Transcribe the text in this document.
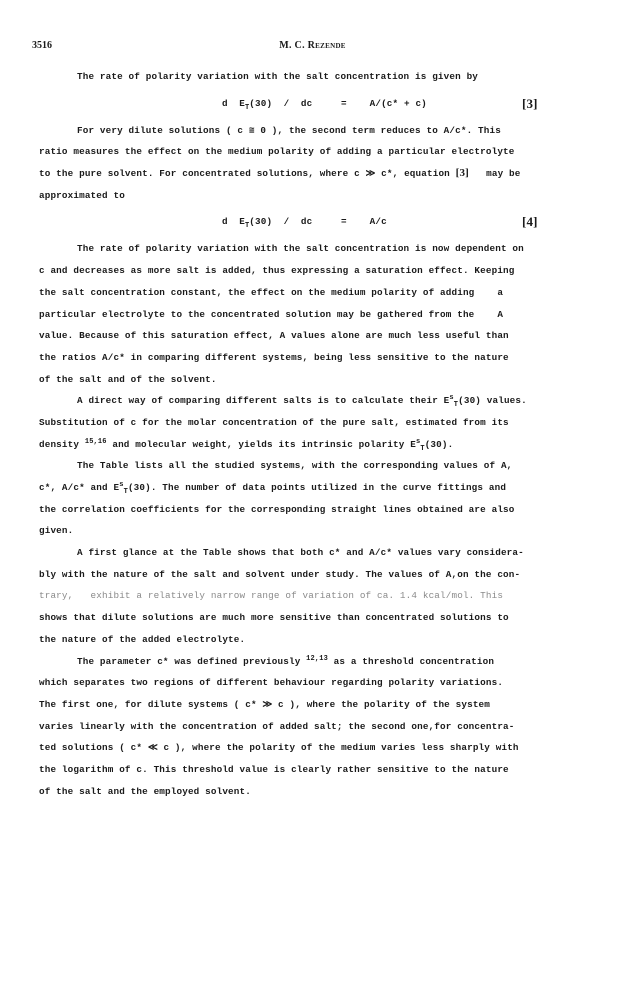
3516	M. C. Rezende
The rate of polarity variation with the salt concentration is given by

d $E_T(30)$  /  dc     =    A/(c* + c)

	[3]

For very dilute solutions ( c ≅ 0 ), the second term reduces to A/c*. This
ratio measures the effect on the medium polarity of adding a particular electrolyte
to the pure solvent. For concentrated solutions, where c ≫ c*, equation [3] may be
approximated to

d $E_T(30)$  /  dc     =    A/c

	[4]

The rate of polarity variation with the salt concentration is now dependent on
c and decreases as more salt is added, thus expressing a saturation effect. Keeping
the salt concentration constant, the effect on the medium polarity of adding    a
particular electrolyte to the concentrated solution may be gathered from the    A
value. Because of this saturation effect, A values alone are much less useful than
the ratios A/c* in comparing different systems, being less sensitive to the nature
of the salt and of the solvent.
A direct way of comparing different salts is to calculate their $E^s_T(30)$ values.
Substitution of c for the molar concentration of the pure salt, estimated from its
density $^{15,16}$ and molecular weight, yields its intrinsic polarity $E^s_T(30)$.
The Table lists all the studied systems, with the corresponding values of A,
c*, A/c* and $E^s_T(30)$. The number of data points utilized in the curve fittings and
the correlation coefficients for the corresponding straight lines obtained are also
given.
A first glance at the Table shows that both c* and A/c* values vary considera-
bly with the nature of the salt and solvent under study. The values of A,on the con-
trary,   exhibit a relatively narrow range of variation of ca. 1.4 kcal/mol. This
shows that dilute solutions are much more sensitive than concentrated solutions to
the nature of the added electrolyte.
The parameter c* was defined previously $^{12,13}$ as a threshold concentration
which separates two regions of different behaviour regarding polarity variations.
The first one, for dilute systems ( c* ≫ c ), where the polarity of the system
varies linearly with the concentration of added salt; the second one,for concentra-
ted solutions ( c* ≪ c ), where the polarity of the medium varies less sharply with
the logarithm of c. This threshold value is clearly rather sensitive to the nature
of the salt and the employed solvent.
